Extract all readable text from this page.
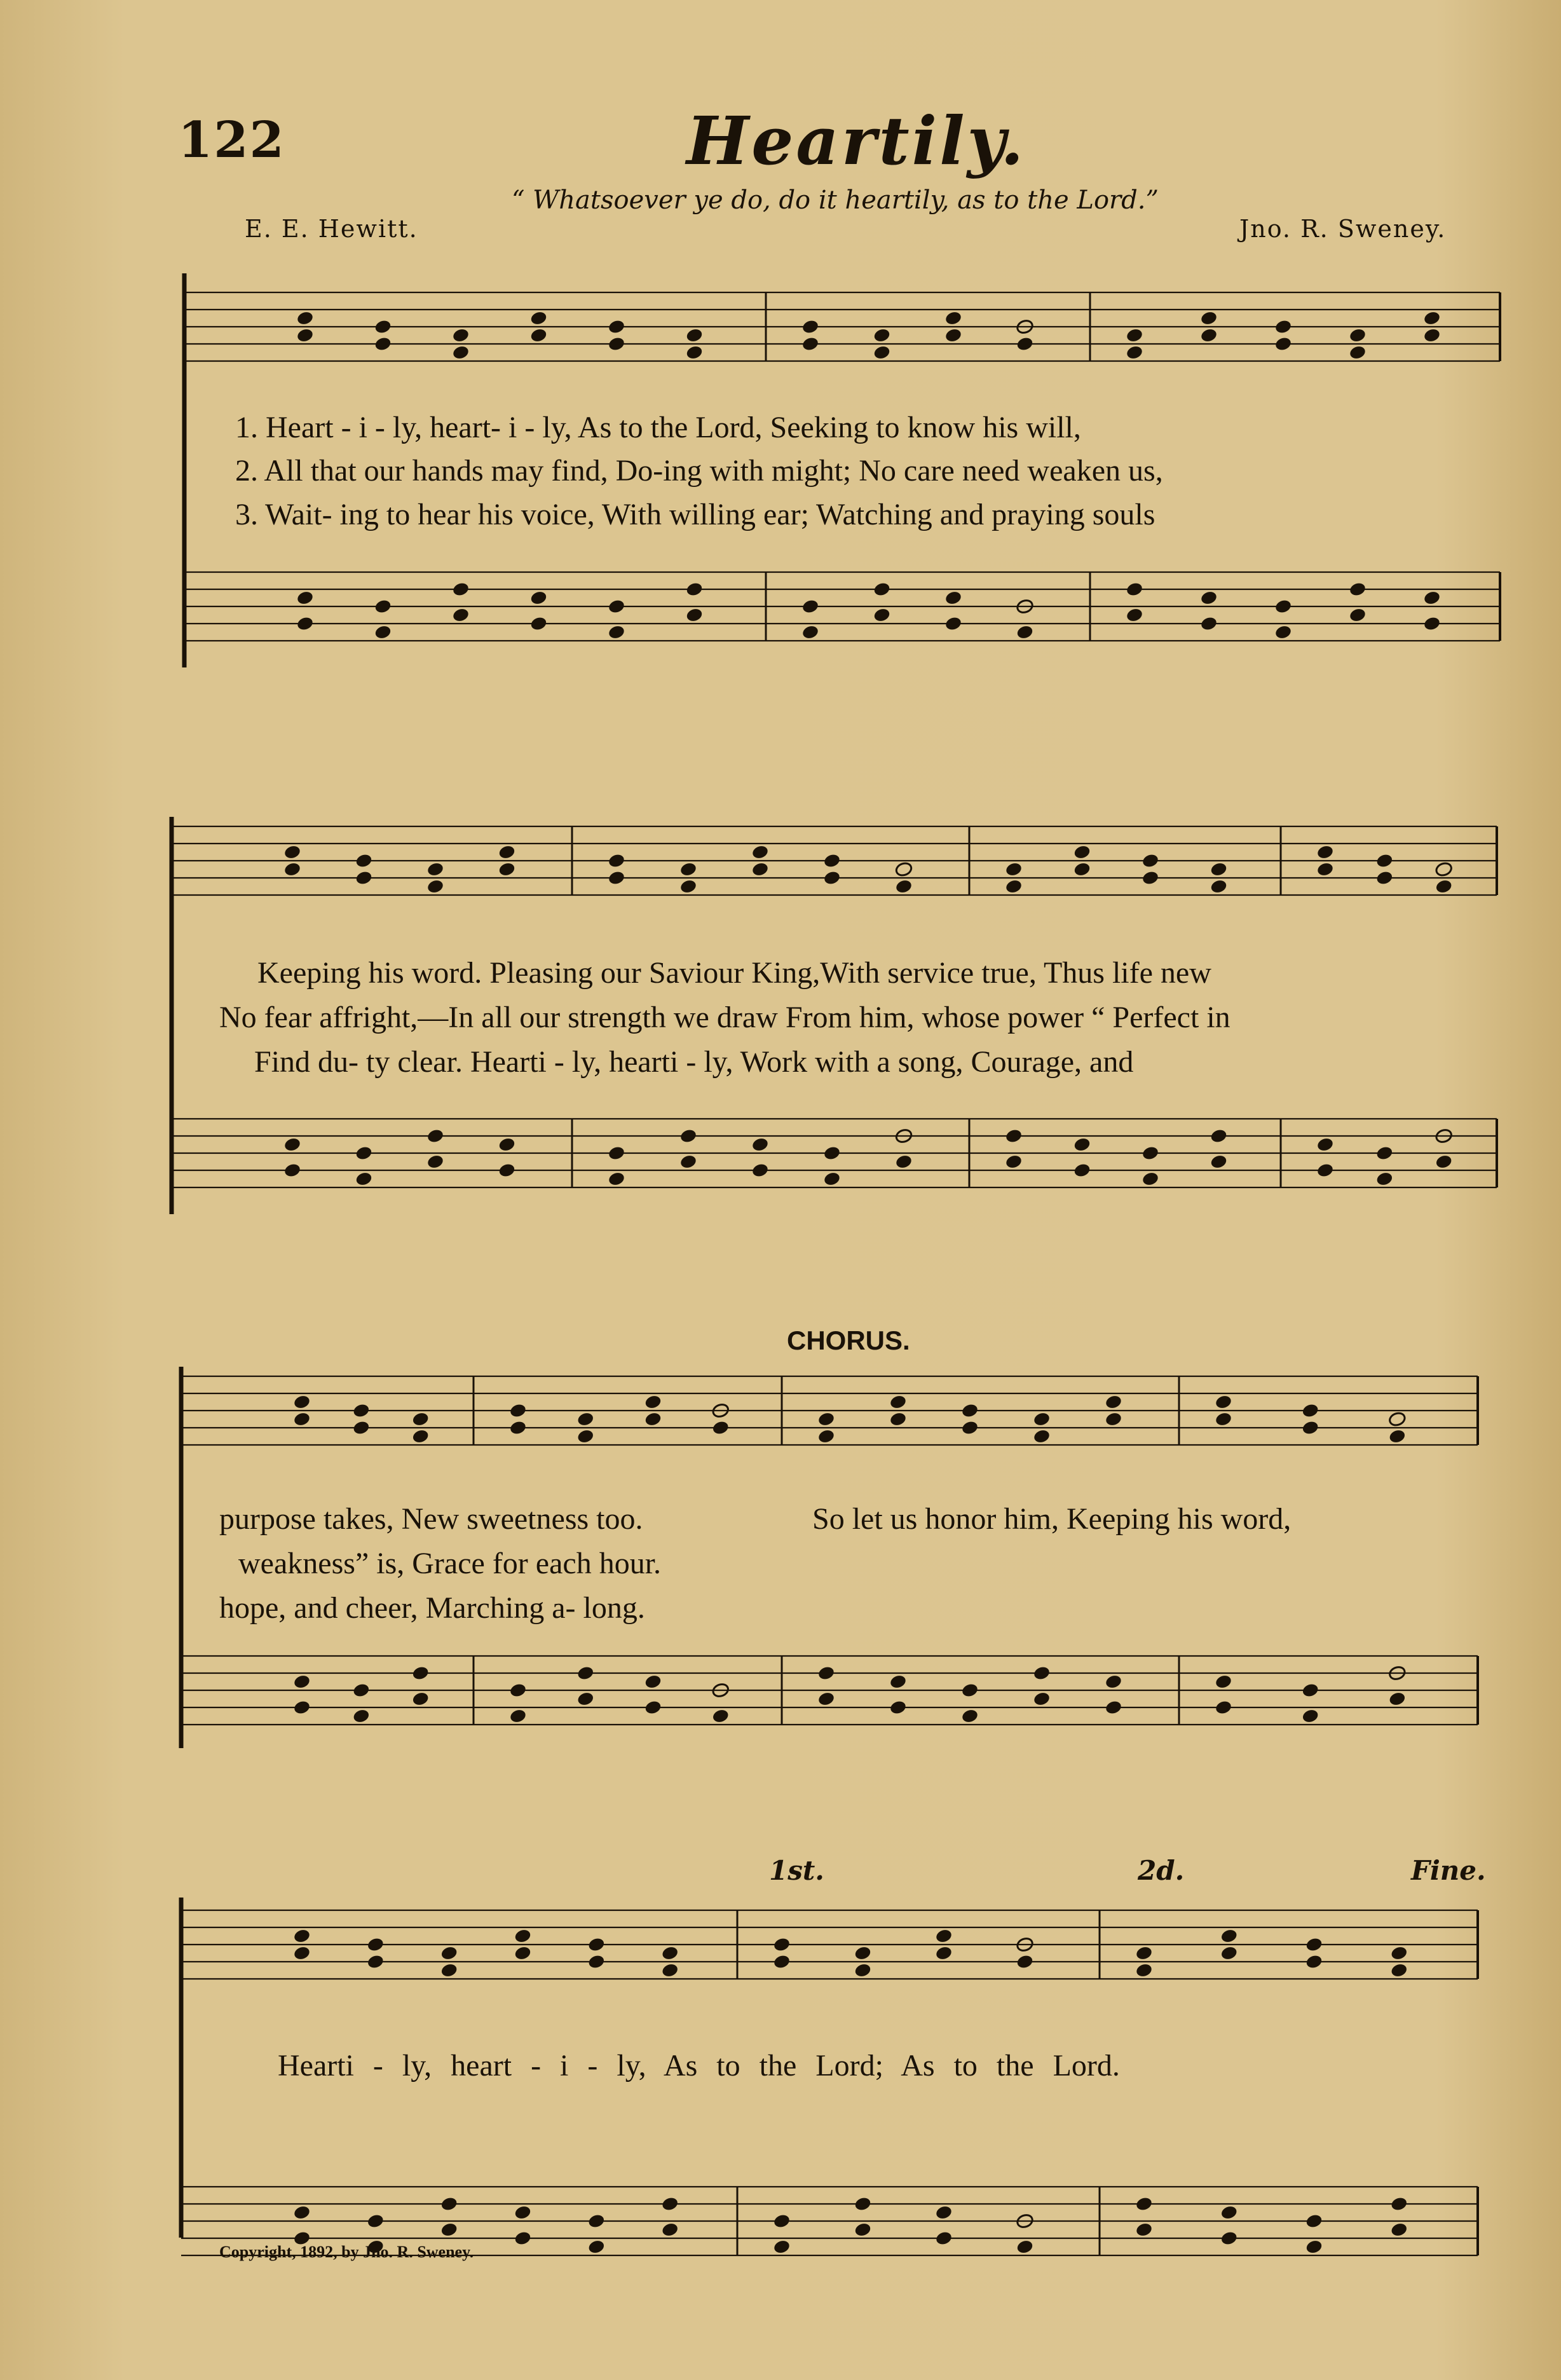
122	Heartily.
“ Whatsoever ye do, do it heartily, as to the Lord.”
E. E. Hewitt.	Jno. R. Sweney.
1. Heart - i - ly, heart- i - ly, As to the Lord, Seeking to know his will,
2. All that our hands may find, Do-ing with might; No care need weaken us,
3. Wait- ing to hear his voice, With willing ear; Watching and praying souls
Keeping his word. Pleasing our Saviour King,With service true, Thus life new
No fear affright,—In all our strength we draw From him, whose power “ Perfect in
Find du- ty clear. Hearti - ly, hearti - ly, Work with a song, Courage, and
CHORUS.
purpose takes, New sweetness too.	So let us honor him, Keeping his word,
weakness” is, Grace for each hour.
hope, and cheer, Marching a- long.
1st.	2d.	Fine.
Hearti - ly, heart - i - ly, As to the Lord; As to the Lord.
Copyright, 1892, by Jno. R. Sweney.
